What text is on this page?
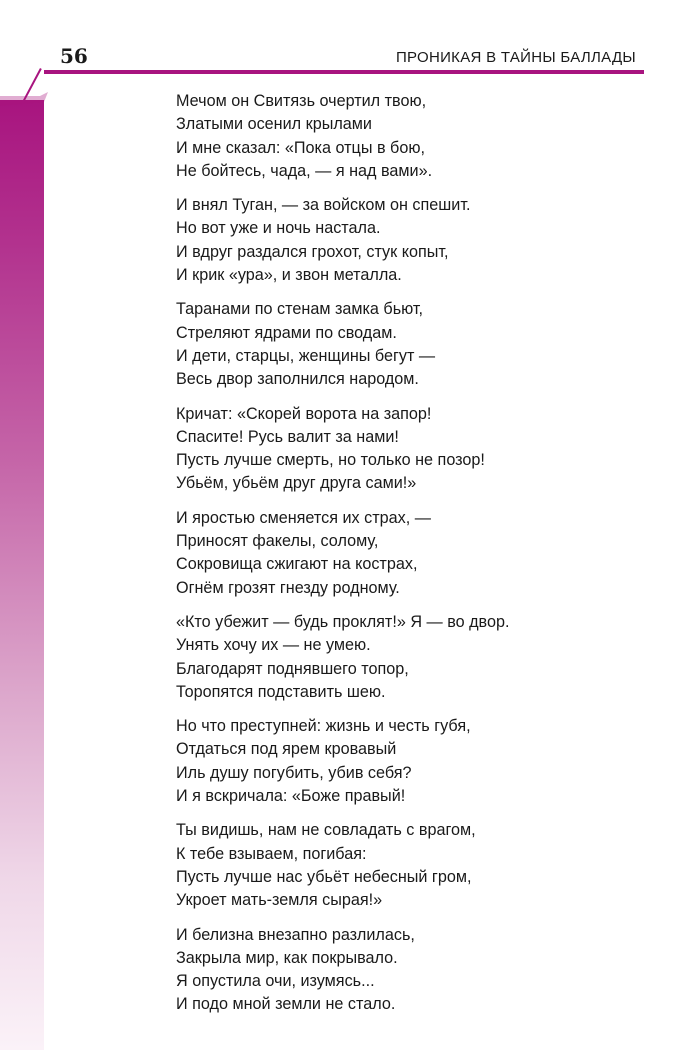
56	ПРОНИКАЯ В ТАЙНЫ БАЛЛАДЫ
Мечом он Свитязь очертил твою,
Златыми осенил крылами
И мне сказал: «Пока отцы в бою,
Не бойтесь, чада, — я над вами».
И внял Туган, — за войском он спешит.
Но вот уже и ночь настала.
И вдруг раздался грохот, стук копыт,
И крик «ура», и звон металла.
Таранами по стенам замка бьют,
Стреляют ядрами по сводам.
И дети, старцы, женщины бегут —
Весь двор заполнился народом.
Кричат: «Скорей ворота на запор!
Спасите! Русь валит за нами!
Пусть лучше смерть, но только не позор!
Убьём, убьём друг друга сами!»
И яростью сменяется их страх, —
Приносят факелы, солому,
Сокровища сжигают на кострах,
Огнём грозят гнезду родному.
«Кто убежит — будь проклят!» Я — во двор.
Унять хочу их — не умею.
Благодарят поднявшего топор,
Торопятся подставить шею.
Но что преступней: жизнь и честь губя,
Отдаться под ярем кровавый
Иль душу погубить, убив себя?
И я вскричала: «Боже правый!
Ты видишь, нам не совладать с врагом,
К тебе взываем, погибая:
Пусть лучше нас убьёт небесный гром,
Укроет мать-земля сырая!»
И белизна внезапно разлилась,
Закрыла мир, как покрывало.
Я опустила очи, изумясь...
И подо мной земли не стало.
